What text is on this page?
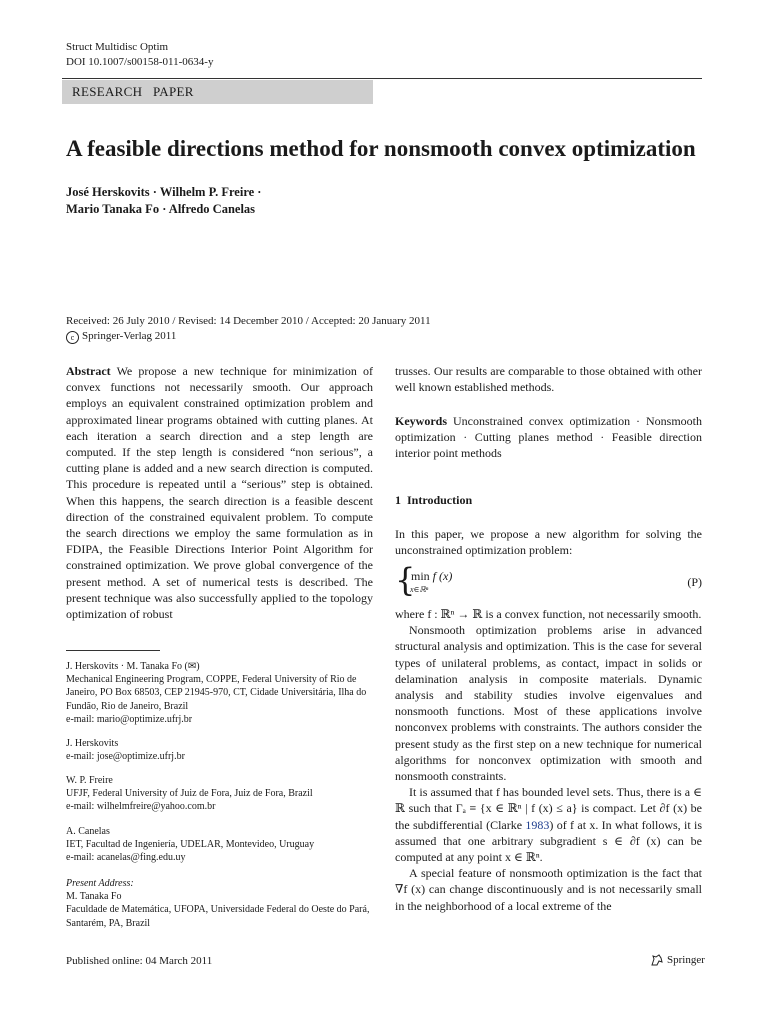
Struct Multidisc Optim
DOI 10.1007/s00158-011-0634-y
RESEARCH   PAPER
A feasible directions method for nonsmooth convex optimization
José Herskovits · Wilhelm P. Freire ·
Mario Tanaka Fo · Alfredo Canelas
Received: 26 July 2010 / Revised: 14 December 2010 / Accepted: 20 January 2011
c Springer-Verlag 2011
Abstract We propose a new technique for minimization of convex functions not necessarily smooth. Our approach employs an equivalent constrained optimization problem and approximated linear programs obtained with cutting planes. At each iteration a search direction and a step length are computed. If the step length is considered “non serious”, a cutting plane is added and a new search direction is computed. This procedure is repeated until a “serious” step is obtained. When this happens, the search direction is a feasible descent direction of the constrained equivalent problem. To compute the search directions we employ the same formulation as in FDIPA, the Feasible Directions Interior Point Algorithm for constrained optimization. We prove global convergence of the present method. A set of numerical tests is described. The present technique was also successfully applied to the topology optimization of robust

J. Herskovits · M. Tanaka Fo (✉)

Mechanical Engineering Program, COPPE, Federal University of Rio de Janeiro, PO Box 68503, CEP 21945-970, CT, Cidade Universitária, Ilha do Fundão, Rio de Janeiro, Brazil

e-mail: mario@optimize.ufrj.br

J. Herskovits

e-mail: jose@optimize.ufrj.br

W. P. Freire

UFJF, Federal University of Juiz de Fora, Juiz de Fora, Brazil

e-mail: wilhelmfreire@yahoo.com.br

A. Canelas

IET, Facultad de Ingeniería, UDELAR, Montevideo, Uruguay

e-mail: acanelas@fing.edu.uy

Present Address:

M. Tanaka Fo

Faculdade de Matemática, UFOPA, Universidade Federal do Oeste do Pará, Santarém, PA, Brazil

trusses. Our results are comparable to those obtained with other well known established methods.
Keywords Unconstrained convex optimization · Nonsmooth optimization · Cutting planes method · Feasible direction interior point methods
1  Introduction
In this paper, we propose a new algorithm for solving the unconstrained optimization problem:
{
min f (x)
x∈ℝⁿ
(P)

where f : ℝⁿ → ℝ is a convex function, not necessarily smooth.

Nonsmooth optimization problems arise in advanced structural analysis and optimization. This is the case for several types of unilateral problems, as contact, impact in solids or delamination analysis in composite materials. Dynamic analysis and stability studies involve eigenvalues and nonsmooth functions. Most of these applications involve nonconvex problems with constraints. The authors consider the present study as the first step on a new technique for numerical algorithms for nonconvex optimization with smooth and nonsmooth constraints.

It is assumed that f has bounded level sets. Thus, there is a ∈ ℝ such that Γₐ ≡ {x ∈ ℝⁿ | f (x) ≤ a} is compact. Let ∂f (x) be the subdifferential (Clarke 1983) of f at x. In what follows, it is assumed that one arbitrary subgradient s ∈ ∂f (x) can be computed at any point x ∈ ℝⁿ.

A special feature of nonsmooth optimization is the fact that ∇f (x) can change discontinuously and is not necessarily small in the neighborhood of a local extreme of the

Published online: 04 March 2011	Springer
